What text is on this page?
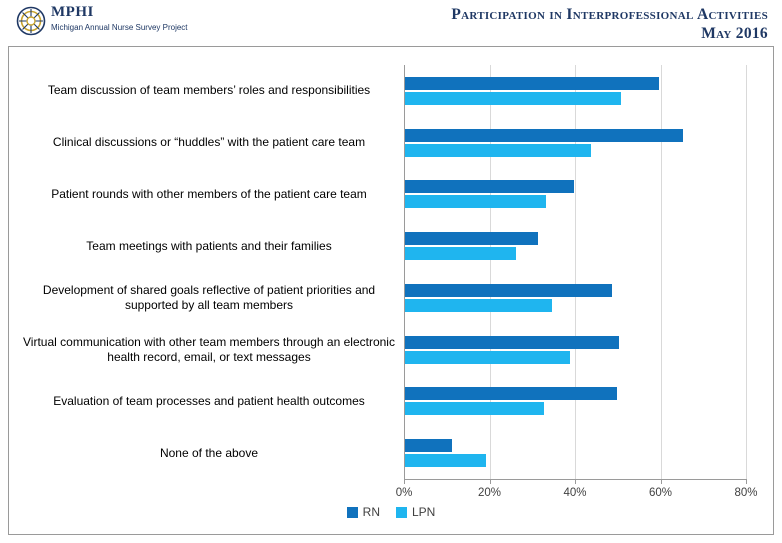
MPHI
Michigan Annual Nurse Survey Project
Participation in Interprofessional Activities
May 2016
0%	20%	40%	60%	80%
Team discussion of team members’ roles and responsibilities
Clinical discussions or “huddles” with the patient care team
Patient rounds with other members of the patient care team
Team meetings with patients and their families
Development of shared goals reflective of patient priorities and supported by all team members
Virtual communication with other team members through an electronic health record, email, or text messages
Evaluation of team processes and patient health outcomes
None of the above
RN	LPN
